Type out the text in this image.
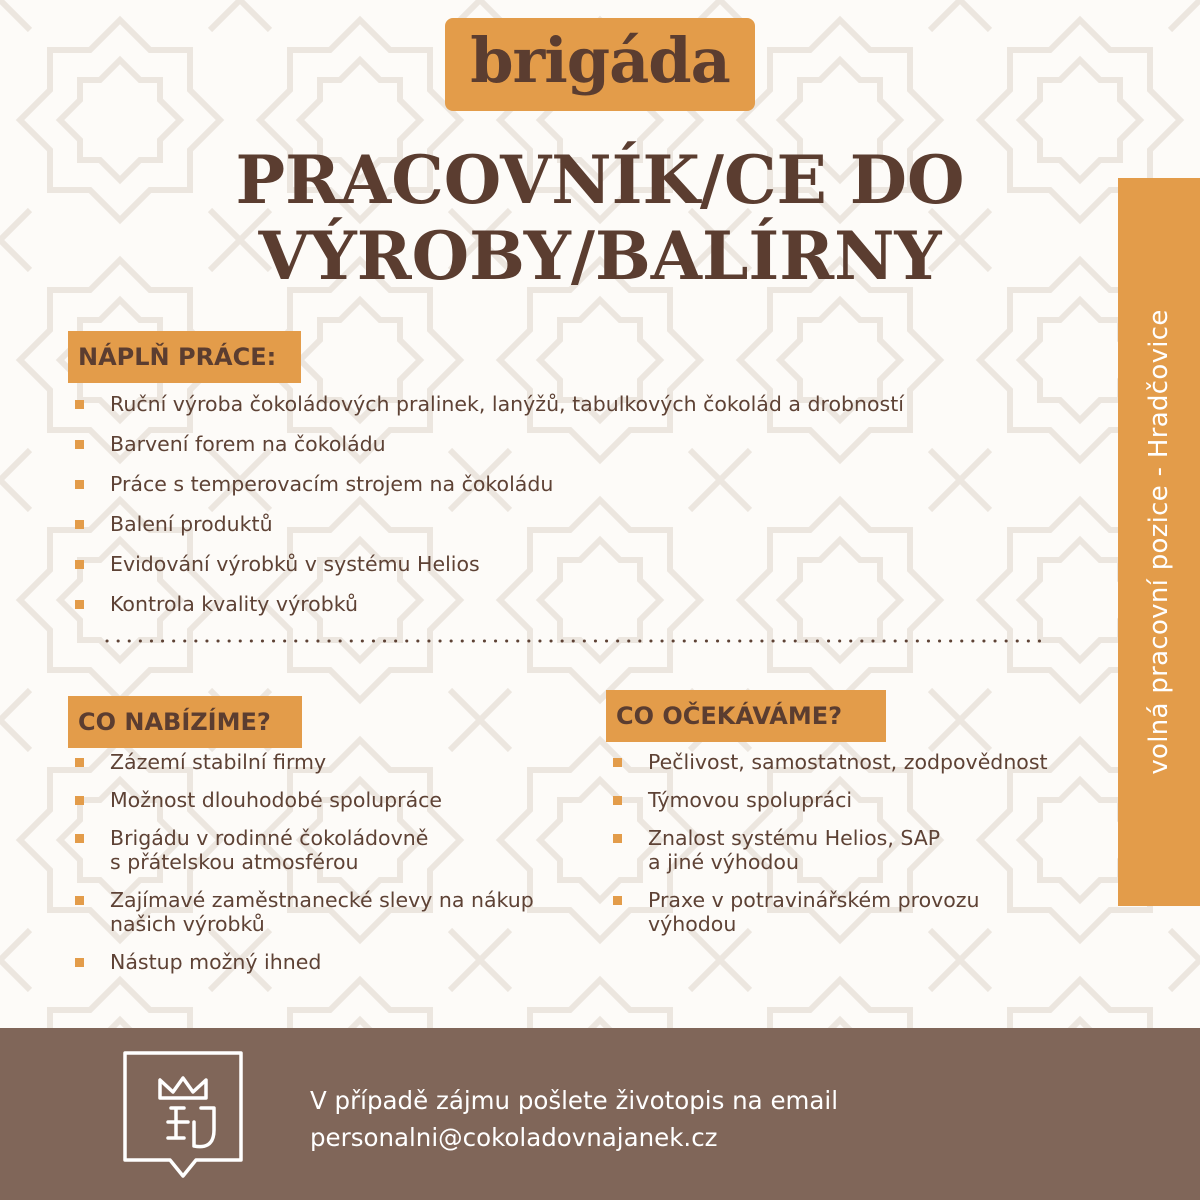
brigáda
PRACOVNÍK/CE DO
VÝROBY/BALÍRNY
volná pracovní pozice - Hradčovice
NÁPLŇ PRÁCE:
Ruční výroba čokoládových pralinek, lanýžů, tabulkových čokolád a drobností
Barvení forem na čokoládu
Práce s temperovacím strojem na čokoládu
Balení produktů
Evidování výrobků v systému Helios
Kontrola kvality výrobků
CO NABÍZÍME?
Zázemí stabilní firmy
Možnost dlouhodobé spolupráce
Brigádu v rodinné čokoládovně
s přátelskou atmosférou
Zajímavé zaměstnanecké slevy na nákup
našich výrobků
Nástup možný ihned
CO OČEKÁVÁME?
Pečlivost, samostatnost, zodpovědnost
Týmovou spolupráci
Znalost systému Helios, SAP
a jiné výhodou
Praxe v potravinářském provozu
výhodou
V případě zájmu pošlete životopis na email
personalni@cokoladovnajanek.cz
